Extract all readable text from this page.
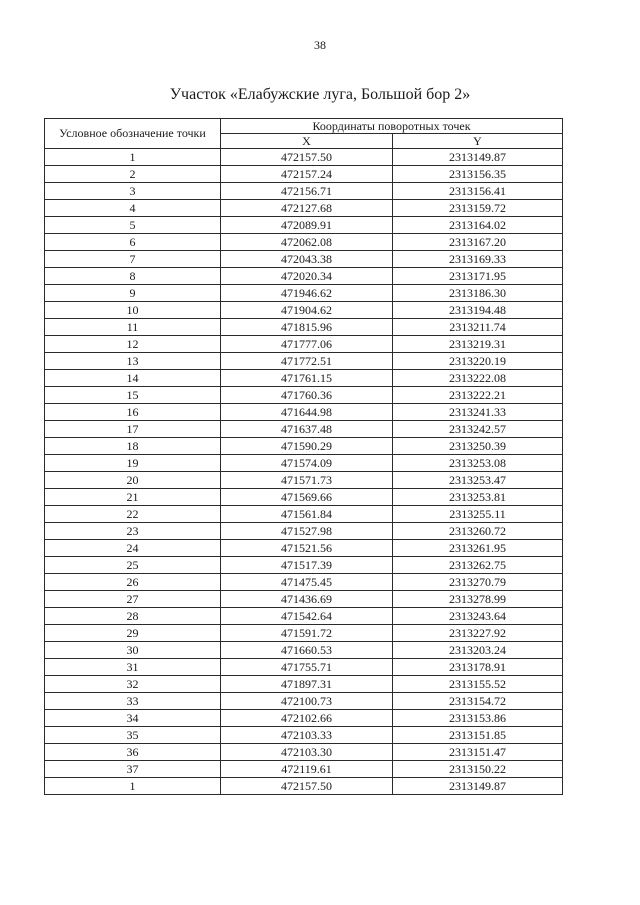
38
Участок «Елабужские луга, Большой бор 2»
Условное обозначение точки	Координаты поворотных точек	
	X	Y
1	472157.50	2313149.87
2	472157.24	2313156.35
3	472156.71	2313156.41
4	472127.68	2313159.72
5	472089.91	2313164.02
6	472062.08	2313167.20
7	472043.38	2313169.33
8	472020.34	2313171.95
9	471946.62	2313186.30
10	471904.62	2313194.48
11	471815.96	2313211.74
12	471777.06	2313219.31
13	471772.51	2313220.19
14	471761.15	2313222.08
15	471760.36	2313222.21
16	471644.98	2313241.33
17	471637.48	2313242.57
18	471590.29	2313250.39
19	471574.09	2313253.08
20	471571.73	2313253.47
21	471569.66	2313253.81
22	471561.84	2313255.11
23	471527.98	2313260.72
24	471521.56	2313261.95
25	471517.39	2313262.75
26	471475.45	2313270.79
27	471436.69	2313278.99
28	471542.64	2313243.64
29	471591.72	2313227.92
30	471660.53	2313203.24
31	471755.71	2313178.91
32	471897.31	2313155.52
33	472100.73	2313154.72
34	472102.66	2313153.86
35	472103.33	2313151.85
36	472103.30	2313151.47
37	472119.61	2313150.22
1	472157.50	2313149.87
